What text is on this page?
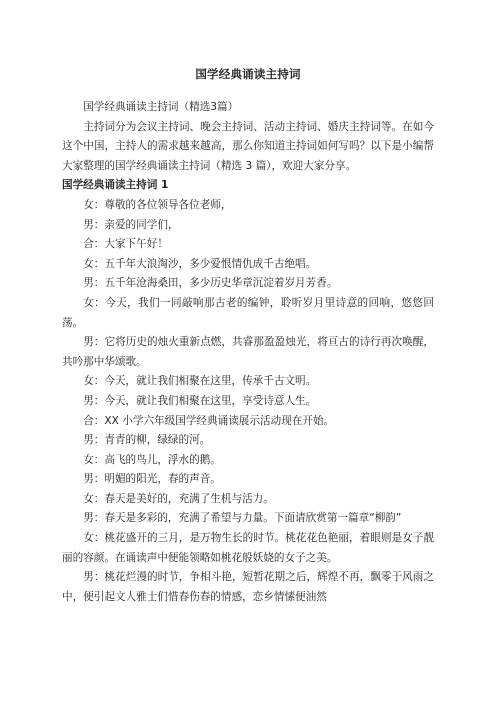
国学经典诵读主持词

国学经典诵读主持词（精选3篇）

主持词分为会议主持词、晚会主持词、活动主持词、婚庆主持词等。在如今这个中国，主持人的需求越来越高，那么你知道主持词如何写吗？以下是小编帮大家整理的国学经典诵读主持词（精选 3 篇），欢迎大家分享。

国学经典诵读主持词 1

女：尊敬的各位领导各位老师，

男：亲爱的同学们，

合：大家下午好！

女：五千年大浪淘沙，多少爱恨情仇成千古绝唱。

男：五千年沧海桑田，多少历史华章沉淀着岁月芳香。

女：今天，我们一同敲响那古老的编钟，聆听岁月里诗意的回响，悠悠回荡。

男：它将历史的烛火重新点燃，共睿那盈盈烛光，将亘古的诗行再次唤醒，共吟那中华颂歌。

女：今天，就让我们相聚在这里，传承千古文明。

男：今天，就让我们相聚在这里，享受诗意人生。

合：XX 小学六年级国学经典诵读展示活动现在开始。

男：青青的柳，绿绿的河。

女：高飞的鸟儿，浮水的鹅。

男：明媚的阳光，春的声音。

女：春天是美好的，充满了生机与活力。

男：春天是多彩的，充满了希望与力量。下面请欣赏第一篇章“柳韵”

女：桃花盛开的三月，是万物生长的时节。桃花花色艳丽，着眼则是女子靓丽的容颜。在诵读声中便能领略如桃花般妖娆的女子之美。

男：桃花烂漫的时节，争相斗艳，短暂花期之后，辉煌不再，飘零于风雨之中，便引起文人雅士们惜春伤春的情感，恋乡情愫便油然
